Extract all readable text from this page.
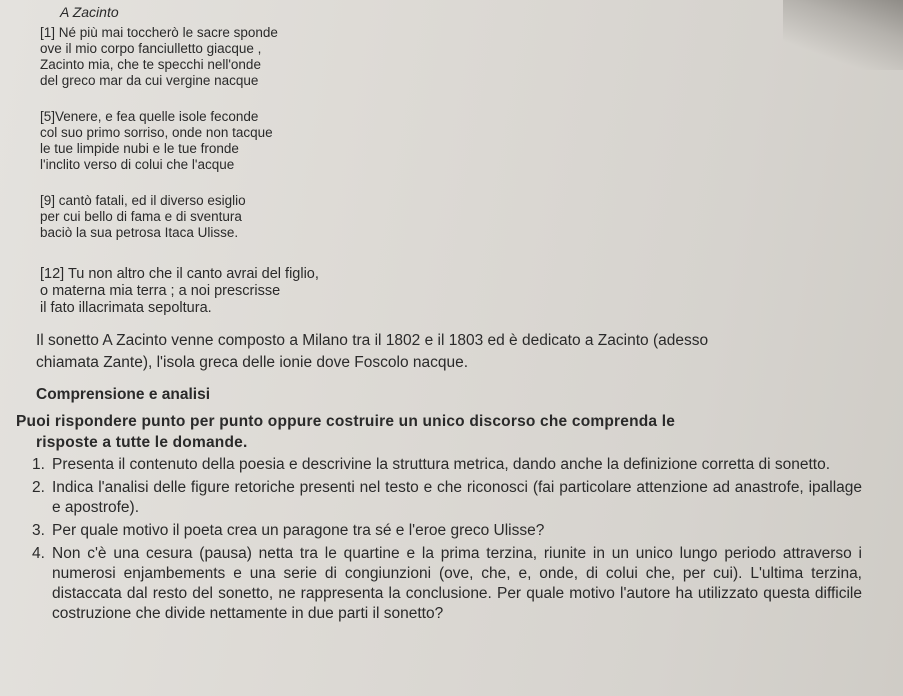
A Zacinto
[1] Né più mai toccherò le sacre sponde
ove il mio corpo fanciulletto giacque ,
Zacinto mia, che te specchi nell'onde
del greco mar da cui vergine nacque
[5]Venere, e fea quelle isole feconde
col suo primo sorriso, onde non tacque
le tue limpide nubi e le tue fronde
l'inclito verso di colui che l'acque
[9] cantò fatali, ed il diverso esiglio
per cui bello di fama e di sventura
baciò la sua petrosa Itaca Ulisse.
[12] Tu non altro che il canto avrai del figlio,
o materna mia terra ; a noi prescrisse
il fato illacrimata sepoltura.
Il sonetto A Zacinto venne composto a Milano tra il 1802 e il 1803 ed è dedicato a Zacinto (adesso
chiamata Zante), l'isola greca delle ionie dove Foscolo nacque.
Comprensione e analisi
Puoi rispondere punto per punto oppure costruire un unico discorso che comprenda le
risposte a tutte le domande.
1. Presenta il contenuto della poesia e descrivine la struttura metrica, dando anche la definizione corretta di sonetto.
2. Indica l'analisi delle figure retoriche presenti nel testo e che riconosci (fai particolare attenzione ad anastrofe, ipallage e apostrofe).
3. Per quale motivo il poeta crea un paragone tra sé e l'eroe greco Ulisse?
4. Non c'è una cesura (pausa) netta tra le quartine e la prima terzina, riunite in un unico lungo periodo attraverso i numerosi enjambements e una serie di congiunzioni (ove, che, e, onde, di colui che, per cui). L'ultima terzina, distaccata dal resto del sonetto, ne rappresenta la conclusione. Per quale motivo l'autore ha utilizzato questa difficile costruzione che divide nettamente in due parti il sonetto?
